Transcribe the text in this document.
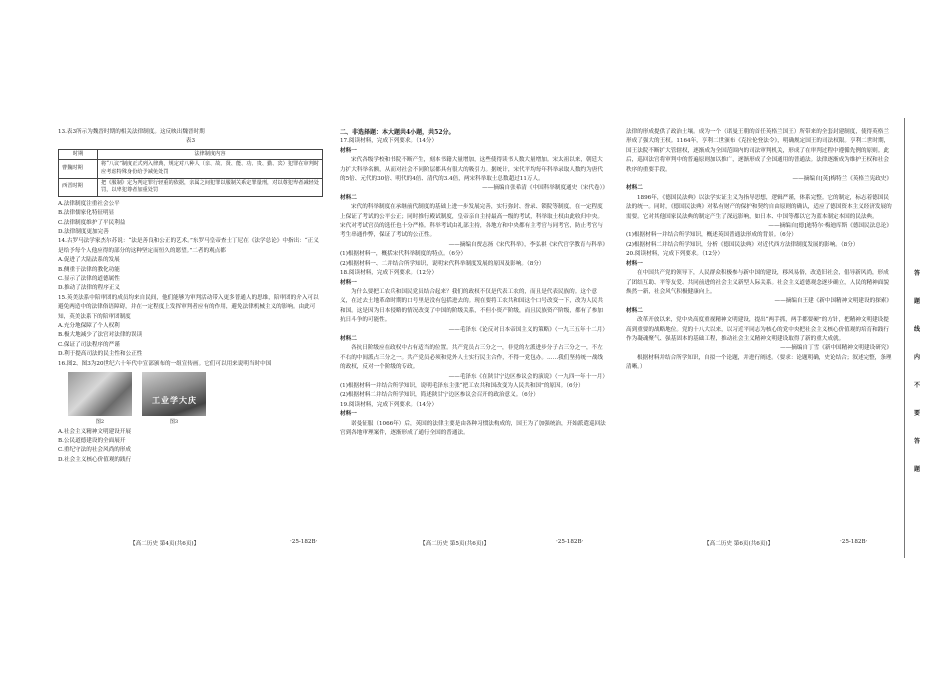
13.表3所示为魏晋时期的相关法律制度。这反映出魏晋时期

表3
时期	法律制度内容
曹魏时期	将“八议”制度正式列入律典，规定对八种人（亲、故、贤、能、功、贵、勤、宾）犯罪在审判时应考虑特殊身份给予减免处罚
西晋时期	把《服制》定为判定罪行轻重的依据，亲属之间犯罪以服制关系定罪量刑，对以尊犯卑者减轻处罚，以卑犯尊者加重处罚

A.法律制度注重社会公平

B.法律儒家化特征明显

C.法律制度维护了平民利益

D.法律制度更加完善

14.古罗马法学家杰尔苏说：“法是善良和公正的艺术。”东罗马皇帝查士丁尼在《法学总论》中指出：“正义是给予每个人他应得的部分的这种坚定而恒久的愿望。”二者的观点都

A.促进了大陆法系的发展

B.侧重于法律的教化功能

C.显示了法律的道德属性

D.推动了法律的程序正义

15.英美法系中陪审团的成员均来自民间，他们能够为审判活动带入更多普通人的思维，陪审团的介入可以避免两造中的法律俗语障碍，并在一定程度上发挥审判者应有的作用，避免法律机械主义的影响。由此可知，英美法系下的陪审团制度

A.充分地保障了个人权利

B.极大地减少了法官对法律的误读

C.保证了司法程序的严谨

D.利于提高司法的民主性和公正性

16.图2、图3为20世纪六十年代中宣部颁布的一组宣传画。它们可以用来说明当时中国

工业学大庆
图2	图3

A.社会主义精神文明建设开展

B.公民道德建设的全面展开

C.重纪守法的社会风尚的形成

D.社会主义核心价值观的践行

【高二历史 第4页(共6页)】	·25-182B·

二、非选择题：本大题共4小题，共52分。

17.阅读材料，完成下列要求。（14分）

材料一

宋代各级学校和书院不断产生，刻本书籍大量增加，这些使得读书人数大量增加。宋太祖以来，朝廷大力扩大科举名额，从而对社会不同阶层都具有很大的吸引力。据统计，宋代平均每年科举录取人数约为唐代的5倍、元代的30倍、明代的4倍、清代的3.4倍，两宋科举取士总数超过11万人。

——摘编自张希清《中国科举制度通史（宋代卷）》

材料二

宋代的科举制度在承继前代制度的基础上进一步发展完善，实行弥封、誊录、锁院等制度，在一定程度上保证了考试的公平公正；同时推行殿试制度，皇帝亲自主持最高一级的考试，科举取士权由此收归中央。宋代对考试官员的选任也十分严格。科举考试由礼部主持，各地方和中央都有主考官与同考官，防止考官与考生串通作弊，保证了考试的公正性。

——摘编自贾志扬《宋代科举》，李弘祺《宋代官学教育与科举》

(1)根据材料一，概括宋代科举制度的特点。（6分）

(2)根据材料一、二并结合所学知识，说明宋代科举制度发展的原因及影响。（8分）

18.阅读材料，完成下列要求。（12分）

材料一

为什么要把工农兵和国民党员结合起来？我们的政权不仅是代表工农的，而且是代表民族的。这个意义，在过去土地革命时期的口号里是没有包括进去的。现在要将工农共和国这个口号改变一下，改为人民共和国。这是因为日本侵略的情况改变了中国的阶级关系，不但小资产阶级，而且民族资产阶级，都有了参加抗日斗争的可能性。

——毛泽东《论反对日本帝国主义的策略》（一九三五年十二月）

材料二

各抗日阶级应在政权中占有适当的位置。共产党员占三分之一，非党的左派进步分子占三分之一，不左不右的中间派占三分之一。共产党员必须和党外人士实行民主合作，不得一党包办。……我们坚持统一战线的政权，反对一个阶级的专政。

——毛泽东《在陕甘宁边区参议会的演说》（一九四一年十一月）

(1)根据材料一并结合所学知识，说明毛泽东主张“把工农共和国改变为人民共和国”的原因。（6分）

(2)根据材料二并结合所学知识，简述陕甘宁边区参议会召开的政治意义。（6分）

19.阅读材料，完成下列要求。（14分）

材料一

诺曼征服（1066年）后，英国的法律主要是由各种习惯法构成的，国王为了加强统治，开始派遣巡回法官到各地审理案件，逐渐形成了通行全国的普通法。

【高二历史 第5页(共6页)】	·25-182B·

法律的形成提供了政治土壤。成为一个（诺曼王朝的首任英格兰国王）所带来的全套封建制度，使得英格兰形成了强大的王权。1164年，亨利二世颁布《克拉伦登法令》，明确规定国王的司法权限。亨利二世时期，国王法院不断扩大管辖权，逐渐成为全国范围内的司法审判机关，形成了在审判过程中遵循先例的原则。此后，巡回法官将审判中的普遍原则加以推广，逐渐形成了全国通用的普通法。法律逐渐成为维护王权和社会秩序的重要手段。

——摘编自[英]梅特兰《英格兰宪政史》

材料二

1896年，《德国民法典》以法学实证主义为指导思想，逻辑严谨，体系完整。它的制定，标志着德国民法的统一。同时，《德国民法典》对私有财产的保护和契约自由原则的确认，适应了德国资本主义经济发展的需要。它对其他国家民法典的制定产生了深远影响，如日本、中国等都以它为蓝本制定本国的民法典。

——摘编自[德]迪特尔·梅迪库斯《德国民法总论》

(1)根据材料一并结合所学知识，概述英国普通法形成的背景。（6分）

(2)根据材料二并结合所学知识，分析《德国民法典》对近代西方法律制度发展的影响。（8分）

20.阅读材料，完成下列要求。（12分）

材料一

在中国共产党的领导下，人民群众积极参与新中国的建设，移风易俗，改造旧社会，倡导新风尚，形成了团结互助、平等友爱、共同前进的社会主义新型人际关系。社会主义道德观念逐步确立，人民的精神面貌焕然一新，社会风气积极健康向上。

——摘编自王建《新中国精神文明建设的探索》

材料二

改革开放以来，党中央高度重视精神文明建设，提出“两手抓，两手都要硬”的方针，把精神文明建设提高到重要的战略地位。党的十八大以来，以习近平同志为核心的党中央把社会主义核心价值观的培育和践行作为凝魂聚气、强基固本的基础工程，推动社会主义精神文明建设取得了新的重大成就。

——摘编自丁雪《新中国精神文明建设研究》

根据材料并结合所学知识，自拟一个论题，并进行阐述。（要求：论题明确，史论结合；叙述完整，条理清晰。）

【高二历史 第6页(共6页)】	·25-182B·
答
题
线
内
不
要
答
题
